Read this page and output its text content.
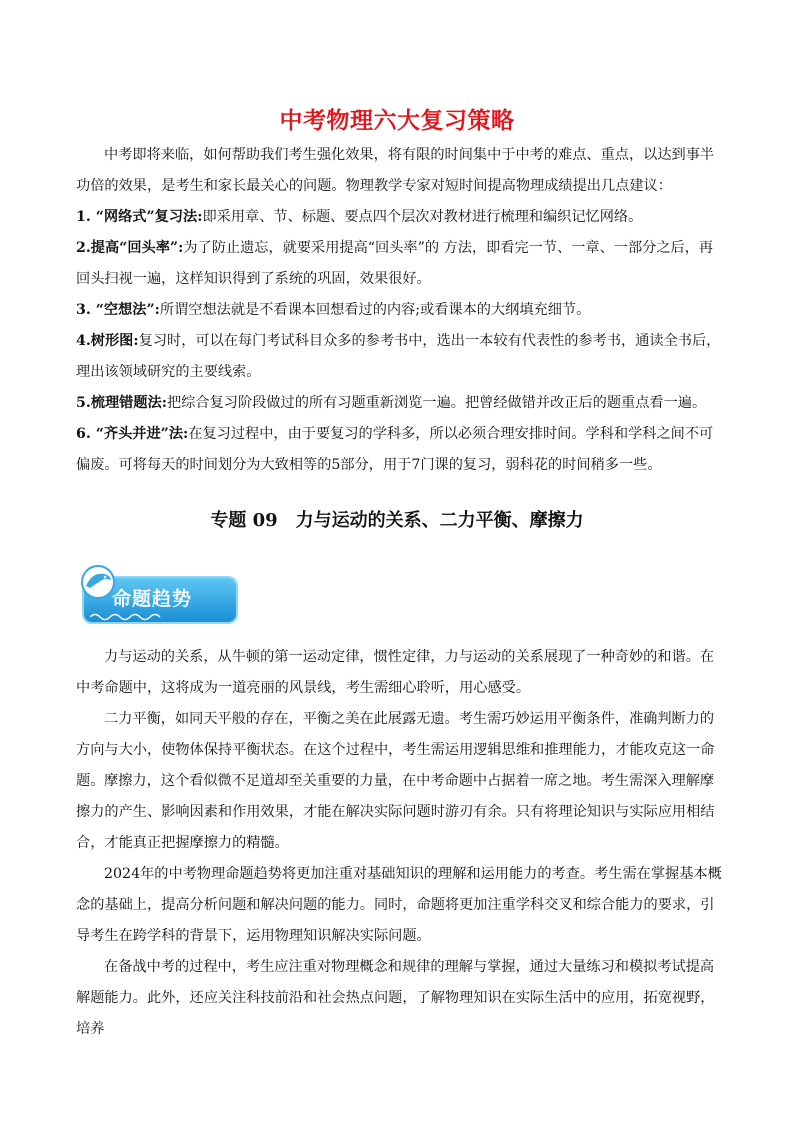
中考物理六大复习策略
中考即将来临，如何帮助我们考生强化效果，将有限的时间集中于中考的难点、重点，以达到事半功倍的效果，是考生和家长最关心的问题。物理教学专家对短时间提高物理成绩提出几点建议：
1. “网络式”复习法:即采用章、节、标题、要点四个层次对教材进行梳理和编织记忆网络。
2.提高“回头率”:为了防止遗忘，就要采用提高“回头率”的 方法，即看完一节、一章、一部分之后，再回头扫视一遍，这样知识得到了系统的巩固，效果很好。
3. “空想法”:所谓空想法就是不看课本回想看过的内容;或看课本的大纲填充细节。
4.树形图:复习时，可以在每门考试科目众多的参考书中，选出一本较有代表性的参考书，通读全书后，理出该领域研究的主要线索。
5.梳理错题法:把综合复习阶段做过的所有习题重新浏览一遍。把曾经做错并改正后的题重点看一遍。
6. “齐头并进”法:在复习过程中，由于要复习的学科多，所以必须合理安排时间。学科和学科之间不可偏废。可将每天的时间划分为大致相等的5部分，用于7门课的复习，弱科花的时间稍多一些。
专题 09　力与运动的关系、二力平衡、摩擦力
命题趋势
力与运动的关系，从牛顿的第一运动定律，惯性定律，力与运动的关系展现了一种奇妙的和谐。在中考命题中，这将成为一道亮丽的风景线，考生需细心聆听，用心感受。
二力平衡，如同天平般的存在，平衡之美在此展露无遗。考生需巧妙运用平衡条件，准确判断力的方向与大小，使物体保持平衡状态。在这个过程中，考生需运用逻辑思维和推理能力，才能攻克这一命题。 摩擦力，这个看似微不足道却至关重要的力量，在中考命题中占据着一席之地。考生需深入理解摩擦力的产生、影响因素和作用效果，才能在解决实际问题时游刃有余。只有将理论知识与实际应用相结合，才能真正把握摩擦力的精髓。
2024年的中考物理命题趋势将更加注重对基础知识的理解和运用能力的考查。考生需在掌握基本概念的基础上，提高分析问题和解决问题的能力。同时，命题将更加注重学科交叉和综合能力的要求，引导考生在跨学科的背景下，运用物理知识解决实际问题。
在备战中考的过程中，考生应注重对物理概念和规律的理解与掌握，通过大量练习和模拟考试提高解题能力。此外，还应关注科技前沿和社会热点问题，了解物理知识在实际生活中的应用，拓宽视野，培养
